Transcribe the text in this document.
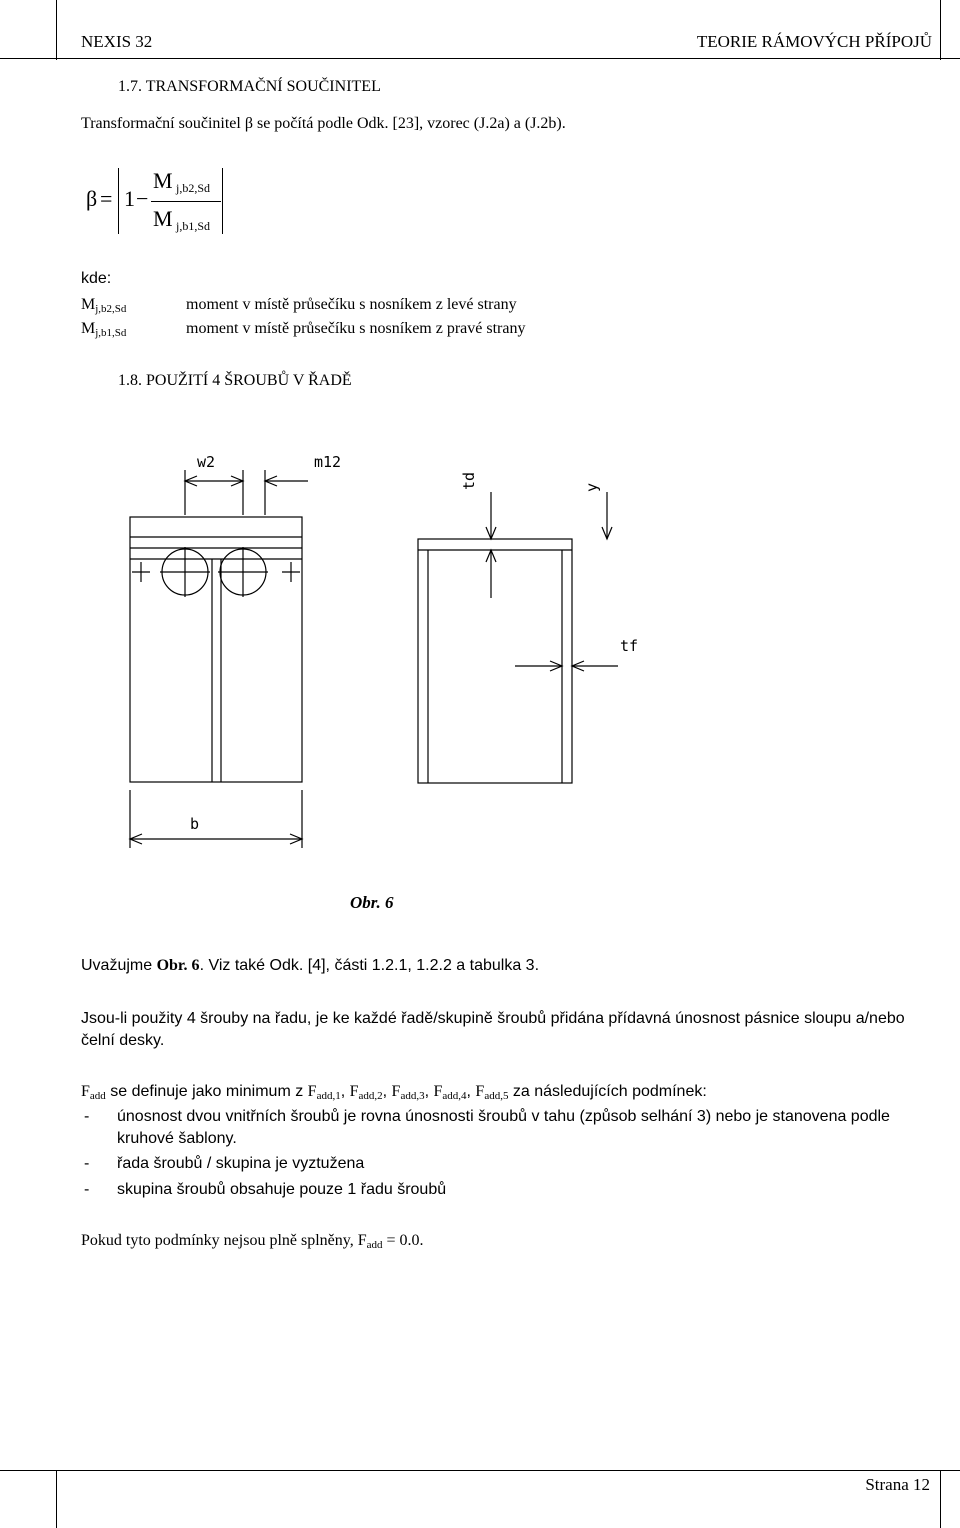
NEXIS 32	TEORIE RÁMOVÝCH PŘÍPOJŮ
1.7. TRANSFORMAČNÍ SOUČINITEL
Transformační součinitel β se počítá podle Odk. [23], vzorec (J.2a) a (J.2b).
β = 1 −
M j,b2,Sd
M j,b1,Sd
kde:
$M_{j,b2,Sd}$	moment v místě průsečíku s nosníkem z levé strany
$M_{j,b1,Sd}$	moment v místě průsečíku s nosníkem z pravé strany
1.8. POUŽITÍ 4 ŠROUBŮ V ŘADĚ
w2	m12
td	y
tf
b
Obr. 6
Uvažujme Obr. 6. Viz také Odk. [4], části 1.2.1, 1.2.2 a tabulka 3.
Jsou-li použity 4 šrouby na řadu, je ke každé řadě/skupině šroubů přidána přídavná únosnost pásnice sloupu a/nebo čelní desky.
$F_{add}$ se definuje jako minimum z $F_{add,1}$, $F_{add,2}$, $F_{add,3}$, $F_{add,4}$, $F_{add,5}$ za následujících podmínek:
- únosnost dvou vnitřních šroubů je rovna únosnosti šroubů v tahu (způsob selhání 3) nebo je stanovena podle kruhové šablony.
- řada šroubů / skupina je vyztužena
- skupina šroubů obsahuje pouze 1 řadu šroubů
Pokud tyto podmínky nejsou plně splněny, $F_{add} = 0.0$.
Strana 12
